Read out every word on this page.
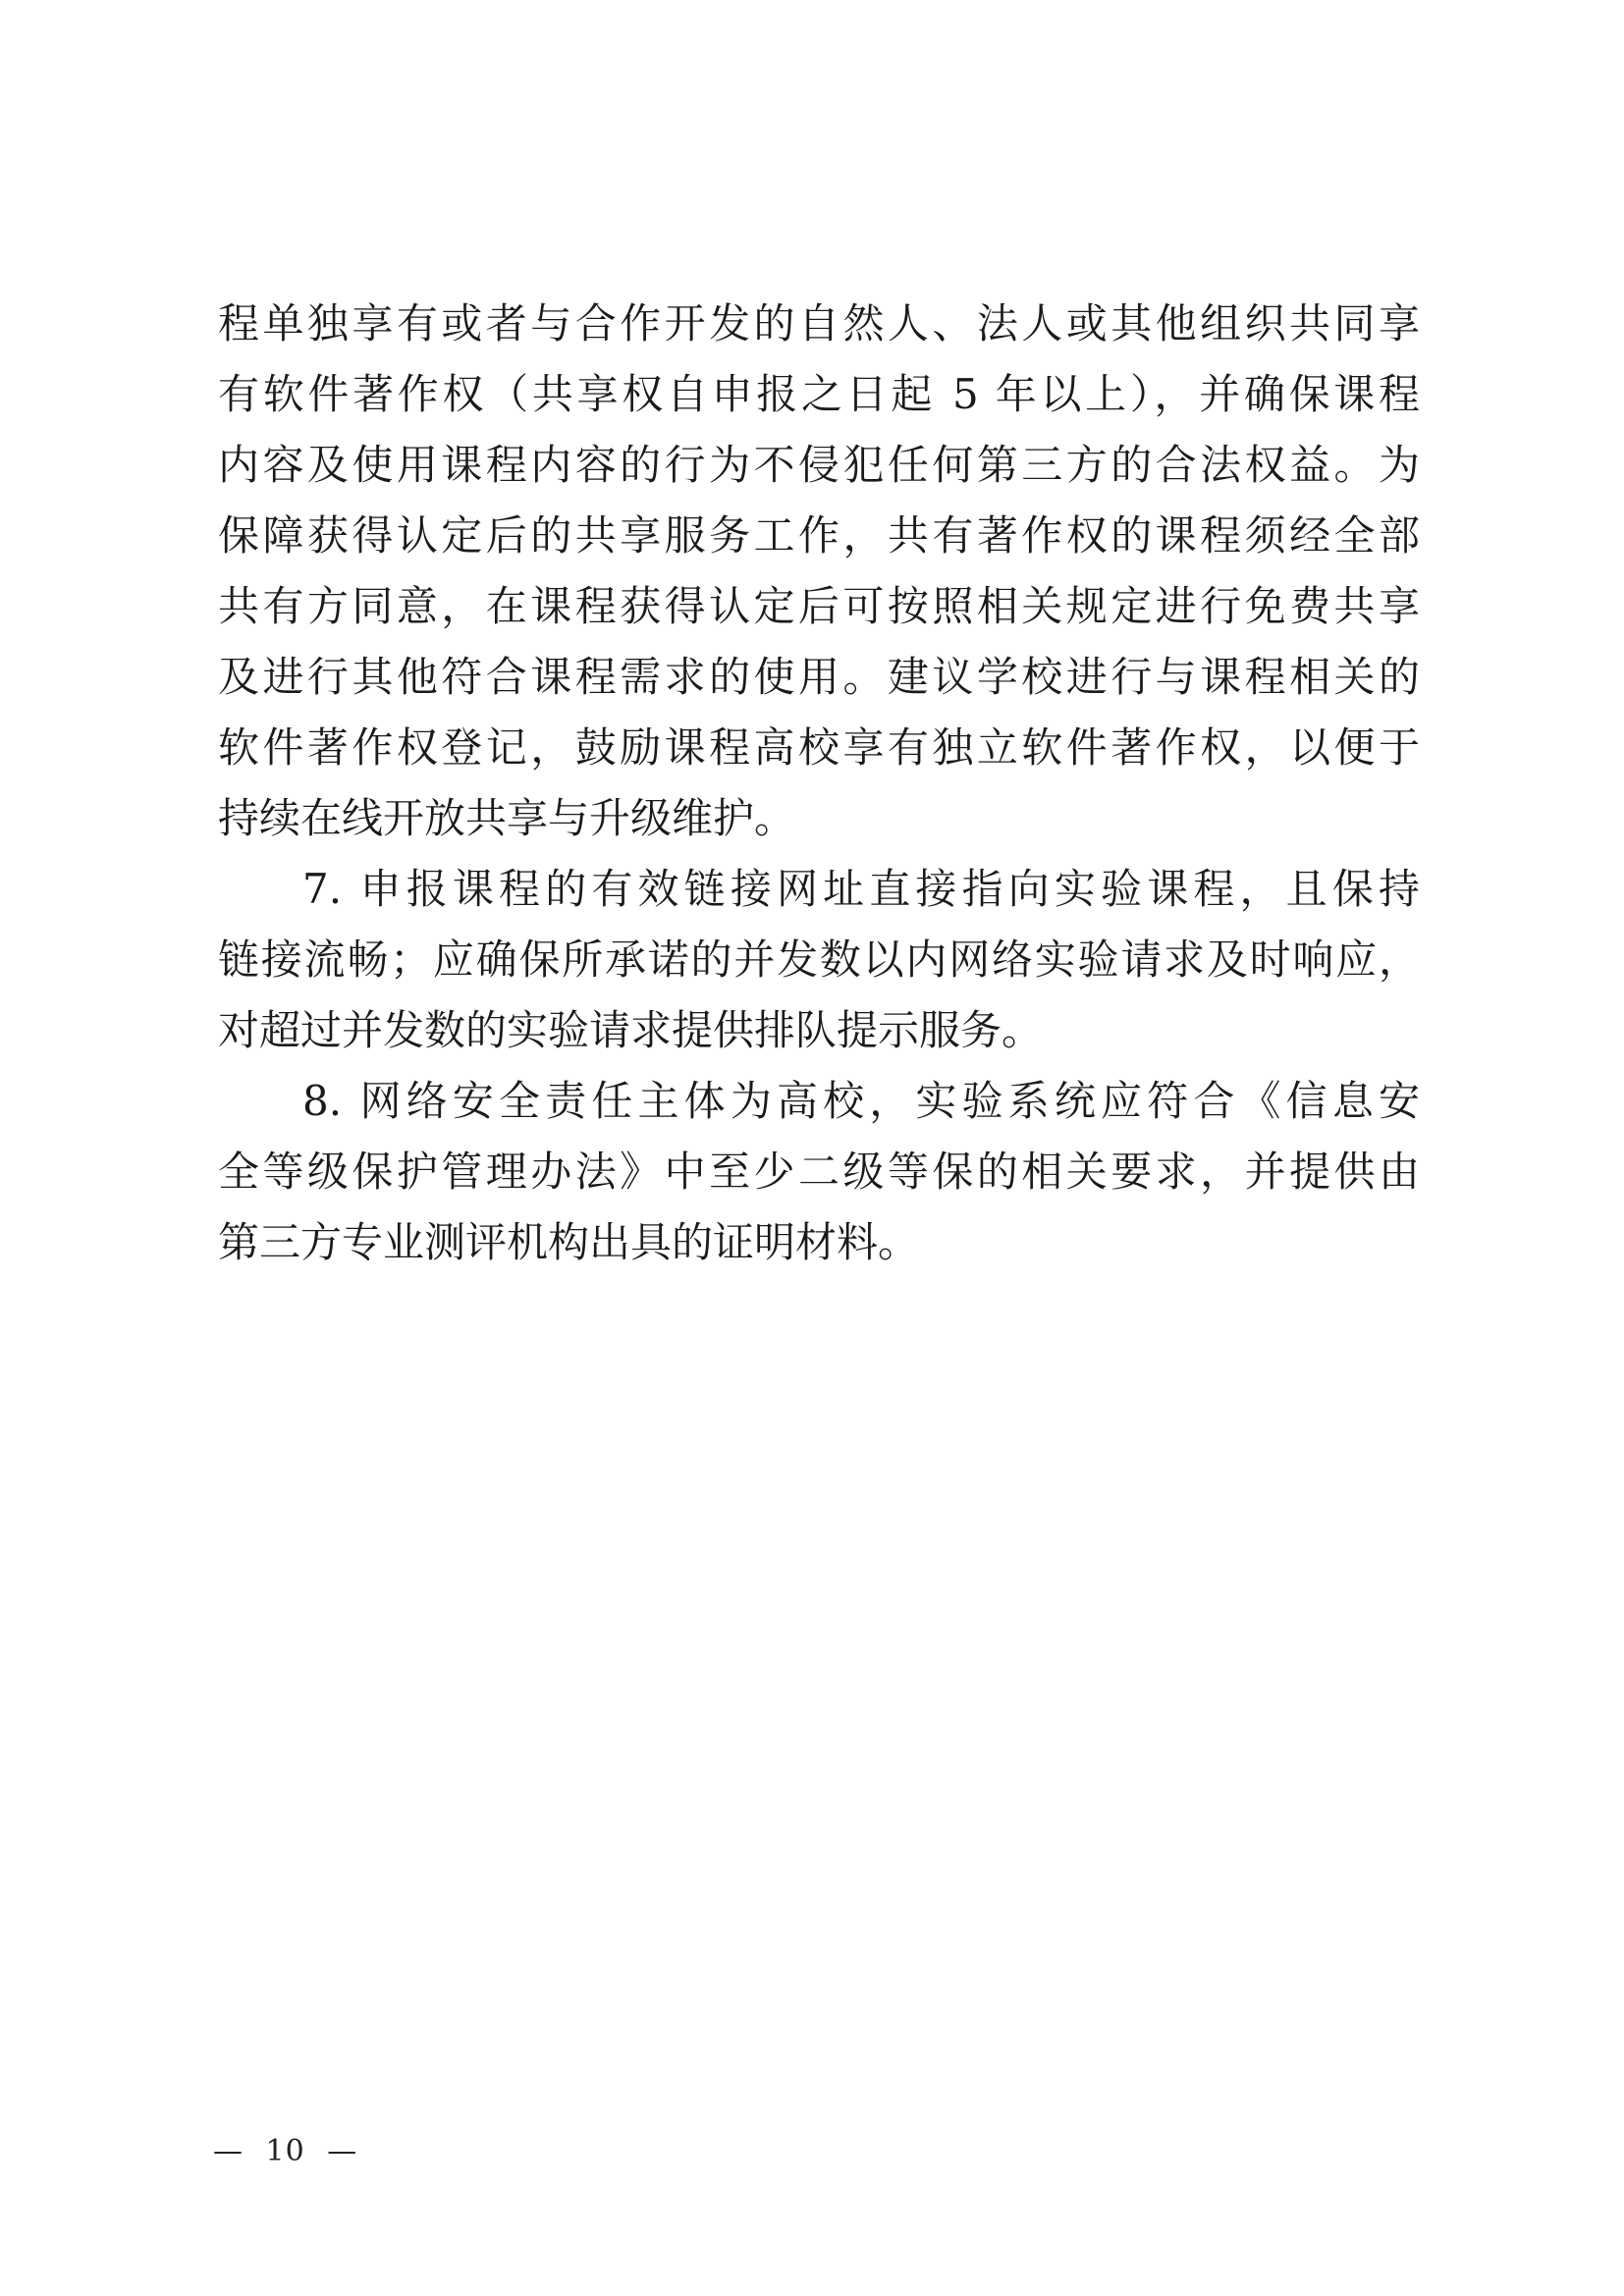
程单独享有或者与合作开发的自然人、法人或其他组织共同享
有软件著作权（共享权自申报之日起 5 年以上），并确保课程
内容及使用课程内容的行为不侵犯任何第三方的合法权益。为
保障获得认定后的共享服务工作，共有著作权的课程须经全部
共有方同意，在课程获得认定后可按照相关规定进行免费共享
及进行其他符合课程需求的使用。建议学校进行与课程相关的
软件著作权登记，鼓励课程高校享有独立软件著作权，以便于
持续在线开放共享与升级维护。
7. 申报课程的有效链接网址直接指向实验课程，且保持
链接流畅；应确保所承诺的并发数以内网络实验请求及时响应，
对超过并发数的实验请求提供排队提示服务。
8. 网络安全责任主体为高校，实验系统应符合《信息安
全等级保护管理办法》中至少二级等保的相关要求，并提供由
第三方专业测评机构出具的证明材料。
— 10 —
